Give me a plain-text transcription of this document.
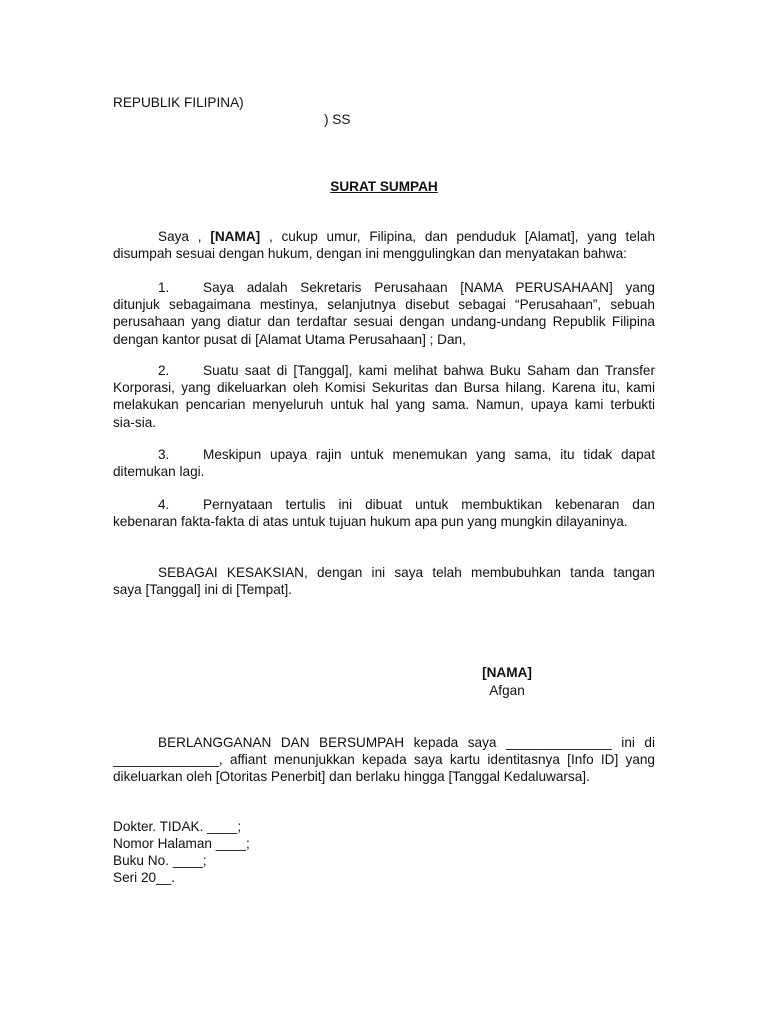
REPUBLIK FILIPINA)
) SS
SURAT SUMPAH
Saya , [NAMA] , cukup umur, Filipina, dan penduduk [Alamat], yang telah
disumpah sesuai dengan hukum, dengan ini menggulingkan dan menyatakan bahwa:
1. Saya adalah Sekretaris Perusahaan [NAMA PERUSAHAAN] yang
ditunjuk sebagaimana mestinya, selanjutnya disebut sebagai “Perusahaan”, sebuah
perusahaan yang diatur dan terdaftar sesuai dengan undang-undang Republik Filipina
dengan kantor pusat di [Alamat Utama Perusahaan] ; Dan,
2. Suatu saat di [Tanggal], kami melihat bahwa Buku Saham dan Transfer
Korporasi, yang dikeluarkan oleh Komisi Sekuritas dan Bursa hilang. Karena itu, kami
melakukan pencarian menyeluruh untuk hal yang sama. Namun, upaya kami terbukti
sia-sia.
3. Meskipun upaya rajin untuk menemukan yang sama, itu tidak dapat
ditemukan lagi.
4. Pernyataan tertulis ini dibuat untuk membuktikan kebenaran dan
kebenaran fakta-fakta di atas untuk tujuan hukum apa pun yang mungkin dilayaninya.
SEBAGAI KESAKSIAN, dengan ini saya telah membubuhkan tanda tangan
saya [Tanggal] ini di [Tempat].
[NAMA]
Afgan
BERLANGGANAN DAN BERSUMPAH kepada saya ______________ ini di
______________, affiant menunjukkan kepada saya kartu identitasnya [Info ID] yang
dikeluarkan oleh [Otoritas Penerbit] dan berlaku hingga [Tanggal Kedaluwarsa].
Dokter. TIDAK. ____;
Nomor Halaman ____;
Buku No. ____;
Seri 20__.
